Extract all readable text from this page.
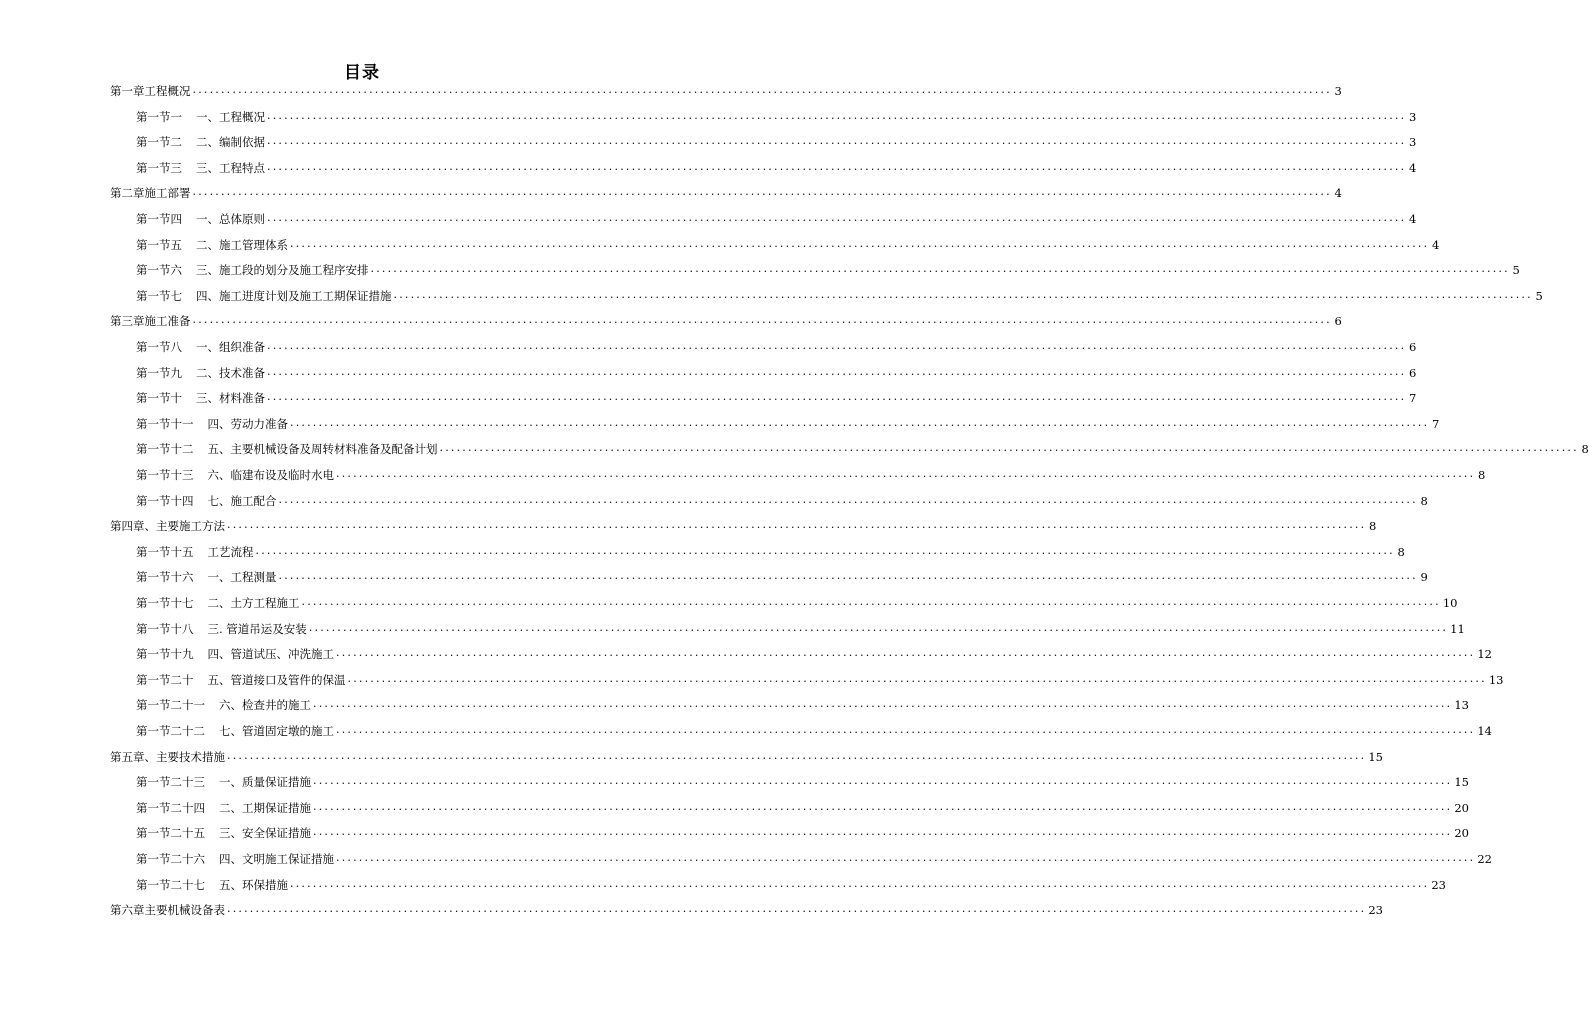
目录
第一章工程概况 ........................................................................................................................................................................................................ 3
第一节一 一、工程概况 ........................................................................................................................................................................................................ 3
第一节二 二、编制依据 ........................................................................................................................................................................................................ 3
第一节三 三、工程特点 ........................................................................................................................................................................................................ 4
第二章施工部署 ........................................................................................................................................................................................................ 4
第一节四 一、总体原则 ........................................................................................................................................................................................................ 4
第一节五 二、施工管理体系 ........................................................................................................................................................................................................ 4
第一节六 三、施工段的划分及施工程序安排 ........................................................................................................................................................................................................ 5
第一节七 四、施工进度计划及施工工期保证措施 ........................................................................................................................................................................................................ 5
第三章施工准备 ........................................................................................................................................................................................................ 6
第一节八 一、组织准备 ........................................................................................................................................................................................................ 6
第一节九 二、技术准备 ........................................................................................................................................................................................................ 6
第一节十 三、材料准备 ........................................................................................................................................................................................................ 7
第一节十一 四、劳动力准备 ........................................................................................................................................................................................................ 7
第一节十二 五、主要机械设备及周转材料准备及配备计划 ........................................................................................................................................................................................................ 8
第一节十三 六、临建布设及临时水电 ........................................................................................................................................................................................................ 8
第一节十四 七、施工配合 ........................................................................................................................................................................................................ 8
第四章、主要施工方法 ........................................................................................................................................................................................................ 8
第一节十五 工艺流程 ........................................................................................................................................................................................................ 8
第一节十六 一、工程测量 ........................................................................................................................................................................................................ 9
第一节十七 二、土方工程施工 ........................................................................................................................................................................................................ 10
第一节十八 三. 管道吊运及安装 ........................................................................................................................................................................................................ 11
第一节十九 四、管道试压、冲洗施工 ........................................................................................................................................................................................................ 12
第一节二十 五、管道接口及管件的保温 ........................................................................................................................................................................................................ 13
第一节二十一 六、检查井的施工 ........................................................................................................................................................................................................ 13
第一节二十二 七、管道固定墩的施工 ........................................................................................................................................................................................................ 14
第五章、主要技术措施 ........................................................................................................................................................................................................ 15
第一节二十三 一、质量保证措施 ........................................................................................................................................................................................................ 15
第一节二十四 二、工期保证措施 ........................................................................................................................................................................................................ 20
第一节二十五 三、安全保证措施 ........................................................................................................................................................................................................ 20
第一节二十六 四、文明施工保证措施 ........................................................................................................................................................................................................ 22
第一节二十七 五、环保措施 ........................................................................................................................................................................................................ 23
第六章主要机械设备表 ........................................................................................................................................................................................................ 23
